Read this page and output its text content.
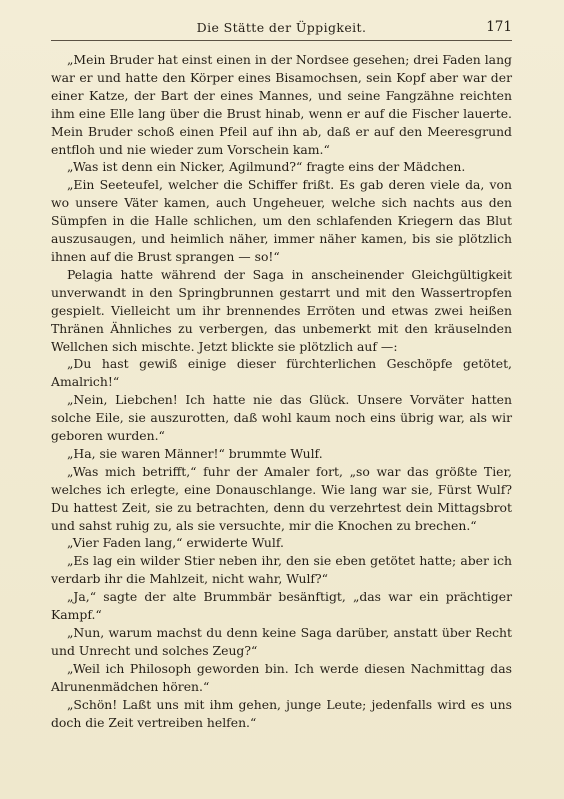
Die Stätte der Üppigkeit.	171

„Mein Bruder hat einst einen in der Nordsee gesehen; drei Faden lang war er und hatte den Körper eines Bisamochsen, sein Kopf aber war der einer Katze, der Bart der eines Mannes, und seine Fangzähne reichten ihm eine Elle lang über die Brust hinab, wenn er auf die Fischer lauerte. Mein Bruder schoß einen Pfeil auf ihn ab, daß er auf den Meeresgrund entfloh und nie wieder zum Vorschein kam.“

„Was ist denn ein Nicker, Agilmund?“ fragte eins der Mädchen.

„Ein Seeteufel, welcher die Schiffer frißt. Es gab deren viele da, von wo unsere Väter kamen, auch Ungeheuer, welche sich nachts aus den Sümpfen in die Halle schlichen, um den schlafenden Kriegern das Blut auszusaugen, und heimlich näher, immer näher kamen, bis sie plötzlich ihnen auf die Brust sprangen — so!“

Pelagia hatte während der Saga in anscheinender Gleichgültigkeit unverwandt in den Springbrunnen gestarrt und mit den Wassertropfen gespielt. Vielleicht um ihr brennendes Erröten und etwas zwei heißen Thränen Ähnliches zu verbergen, das unbemerkt mit den kräuselnden Wellchen sich mischte. Jetzt blickte sie plötzlich auf —:

„Du hast gewiß einige dieser fürchterlichen Geschöpfe getötet, Amalrich!“

„Nein, Liebchen! Ich hatte nie das Glück. Unsere Vorväter hatten solche Eile, sie auszurotten, daß wohl kaum noch eins übrig war, als wir geboren wurden.“

„Ha, sie waren Männer!“ brummte Wulf.

„Was mich betrifft,“ fuhr der Amaler fort, „so war das größte Tier, welches ich erlegte, eine Donauschlange. Wie lang war sie, Fürst Wulf? Du hattest Zeit, sie zu betrachten, denn du verzehrtest dein Mittagsbrot und sahst ruhig zu, als sie versuchte, mir die Knochen zu brechen.“

„Vier Faden lang,“ erwiderte Wulf.

„Es lag ein wilder Stier neben ihr, den sie eben getötet hatte; aber ich verdarb ihr die Mahlzeit, nicht wahr, Wulf?“

„Ja,“ sagte der alte Brummbär besänftigt, „das war ein prächtiger Kampf.“

„Nun, warum machst du denn keine Saga darüber, anstatt über Recht und Unrecht und solches Zeug?“

„Weil ich Philosoph geworden bin. Ich werde diesen Nachmittag das Alrunenmädchen hören.“

„Schön! Laßt uns mit ihm gehen, junge Leute; jedenfalls wird es uns doch die Zeit vertreiben helfen.“
